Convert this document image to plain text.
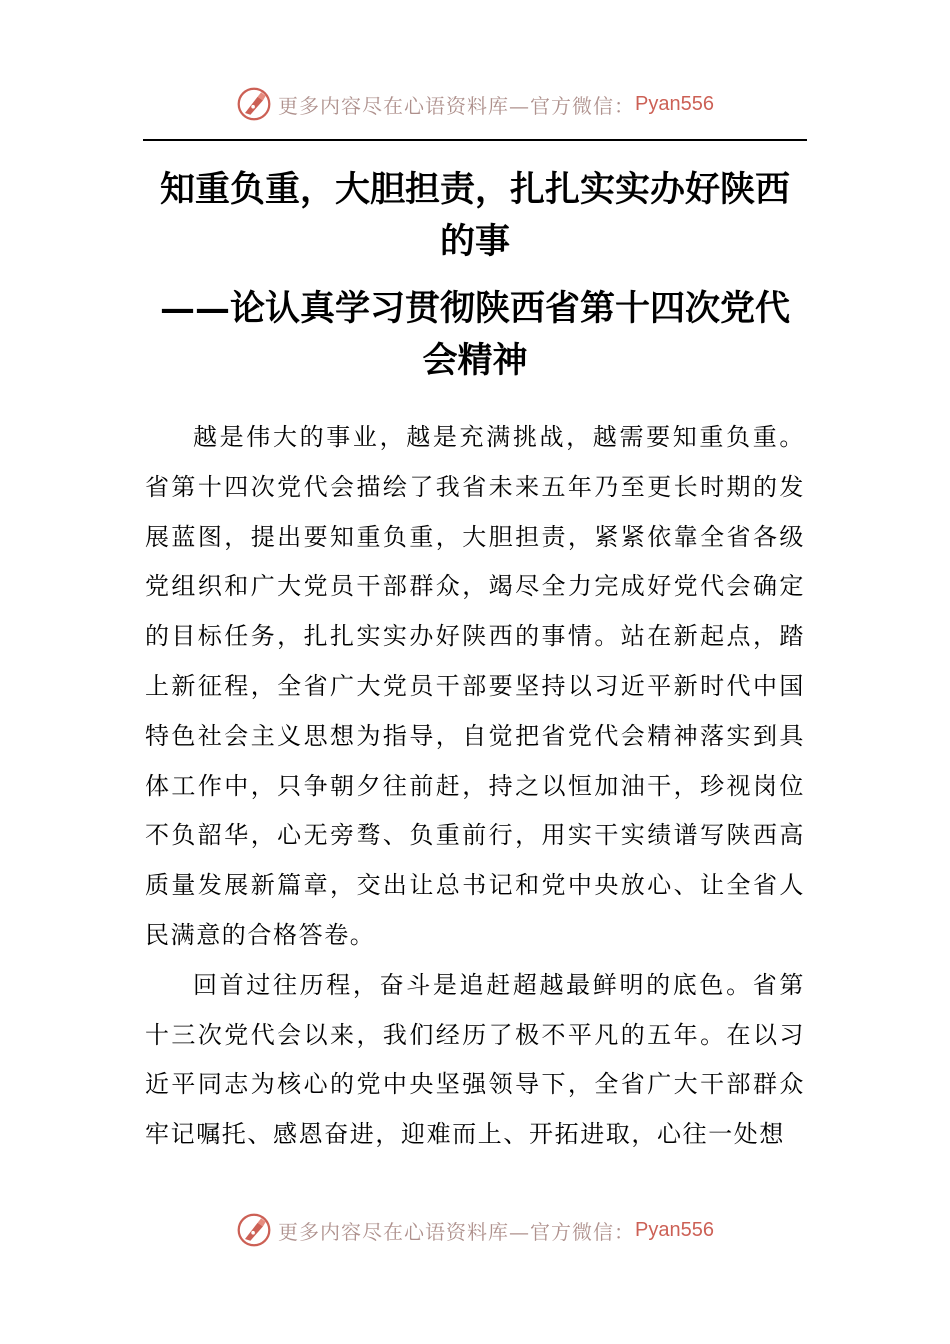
更多内容尽在心语资料库—官方微信： Pyan556
知重负重，大胆担责，扎扎实实办好陕西的事
——论认真学习贯彻陕西省第十四次党代会精神

越是伟大的事业，越是充满挑战，越需要知重负重。省第十四次党代会描绘了我省未来五年乃至更长时期的发展蓝图，提出要知重负重，大胆担责，紧紧依靠全省各级党组织和广大党员干部群众，竭尽全力完成好党代会确定的目标任务，扎扎实实办好陕西的事情。站在新起点，踏上新征程，全省广大党员干部要坚持以习近平新时代中国特色社会主义思想为指导，自觉把省党代会精神落实到具体工作中，只争朝夕往前赶，持之以恒加油干，珍视岗位不负韶华，心无旁骛、负重前行，用实干实绩谱写陕西高质量发展新篇章，交出让总书记和党中央放心、让全省人民满意的合格答卷。

回首过往历程，奋斗是追赶超越最鲜明的底色。省第十三次党代会以来，我们经历了极不平凡的五年。在以习近平同志为核心的党中央坚强领导下，全省广大干部群众牢记嘱托、感恩奋进，迎难而上、开拓进取，心往一处想

更多内容尽在心语资料库—官方微信： Pyan556
